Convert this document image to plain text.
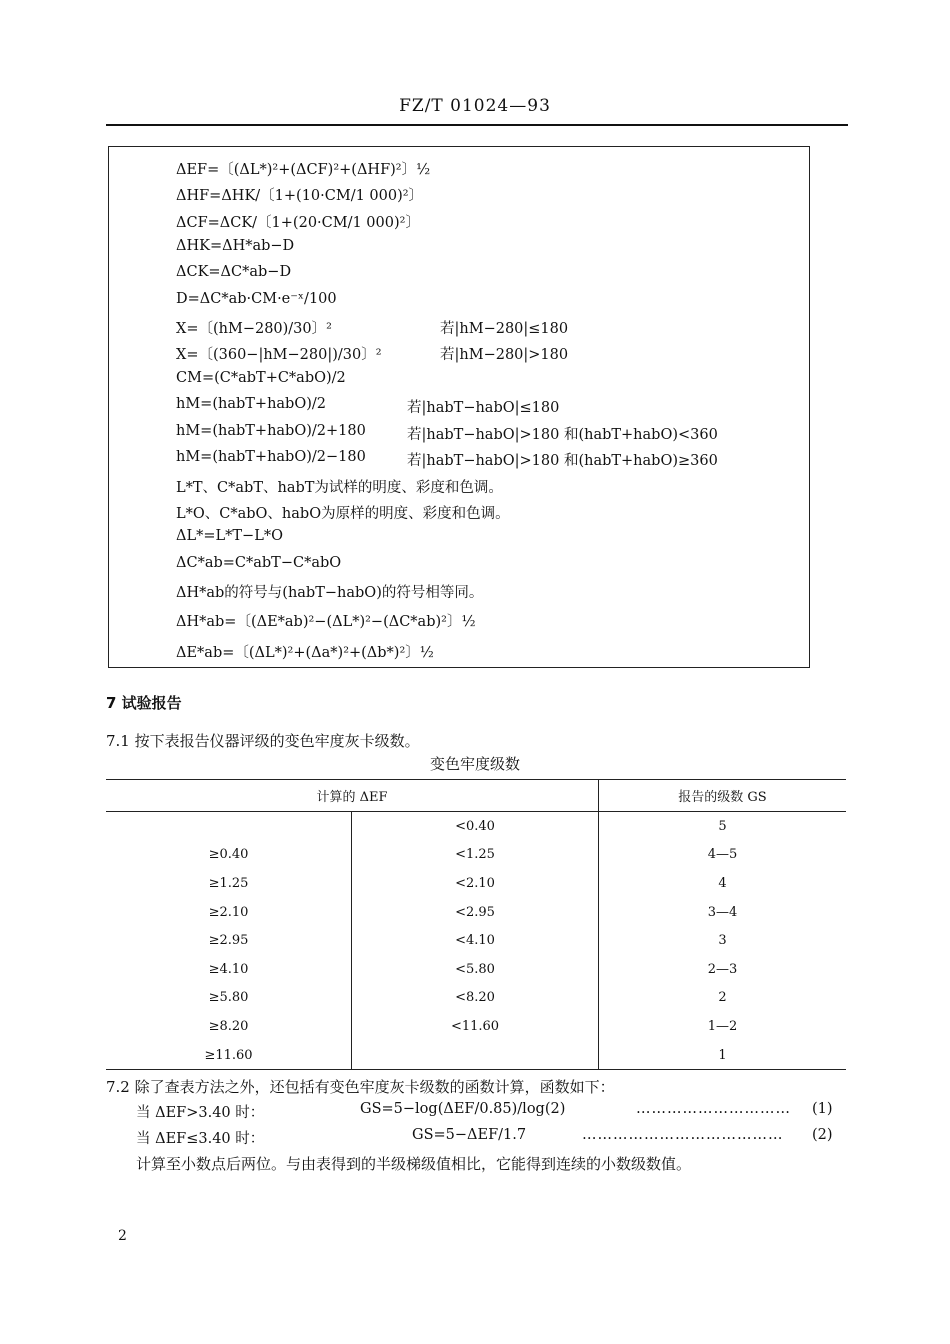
FZ/T 01024—93
ΔEF=〔(ΔL*)²+(ΔCF)²+(ΔHF)²〕½
ΔHF=ΔHK/〔1+(10·CM/1 000)²〕
ΔCF=ΔCK/〔1+(20·CM/1 000)²〕
ΔHK=ΔH*ab−D
ΔCK=ΔC*ab−D
D=ΔC*ab·CM·e⁻ˣ/100
X=〔(hM−280)/30〕²	若|hM−280|≤180
X=〔(360−|hM−280|)/30〕²	若|hM−280|>180
CM=(C*abT+C*abO)/2
hM=(habT+habO)/2	若|habT−habO|≤180
hM=(habT+habO)/2+180	若|habT−habO|>180 和(habT+habO)<360
hM=(habT+habO)/2−180	若|habT−habO|>180 和(habT+habO)≥360
L*T、C*abT、habT为试样的明度、彩度和色调。
L*O、C*abO、habO为原样的明度、彩度和色调。
ΔL*=L*T−L*O
ΔC*ab=C*abT−C*abO
ΔH*ab的符号与(habT−habO)的符号相等同。
ΔH*ab=〔(ΔE*ab)²−(ΔL*)²−(ΔC*ab)²〕½
ΔE*ab=〔(ΔL*)²+(Δa*)²+(Δb*)²〕½
7 试验报告
7.1 按下表报告仪器评级的变色牢度灰卡级数。
变色牢度级数
计算的 ΔEF		报告的级数 GS
	<0.40	5
≥0.40	<1.25	4—5
≥1.25	<2.10	4
≥2.10	<2.95	3—4
≥2.95	<4.10	3
≥4.10	<5.80	2—3
≥5.80	<8.20	2
≥8.20	<11.60	1—2
≥11.60		1
7.2 除了查表方法之外，还包括有变色牢度灰卡级数的函数计算，函数如下：
当 ΔEF>3.40 时：	GS=5−log(ΔEF/0.85)/log(2)	………………………… (1)
当 ΔEF≤3.40 时：	GS=5−ΔEF/1.7	………………………………… (2)
计算至小数点后两位。与由表得到的半级梯级值相比，它能得到连续的小数级数值。
2
